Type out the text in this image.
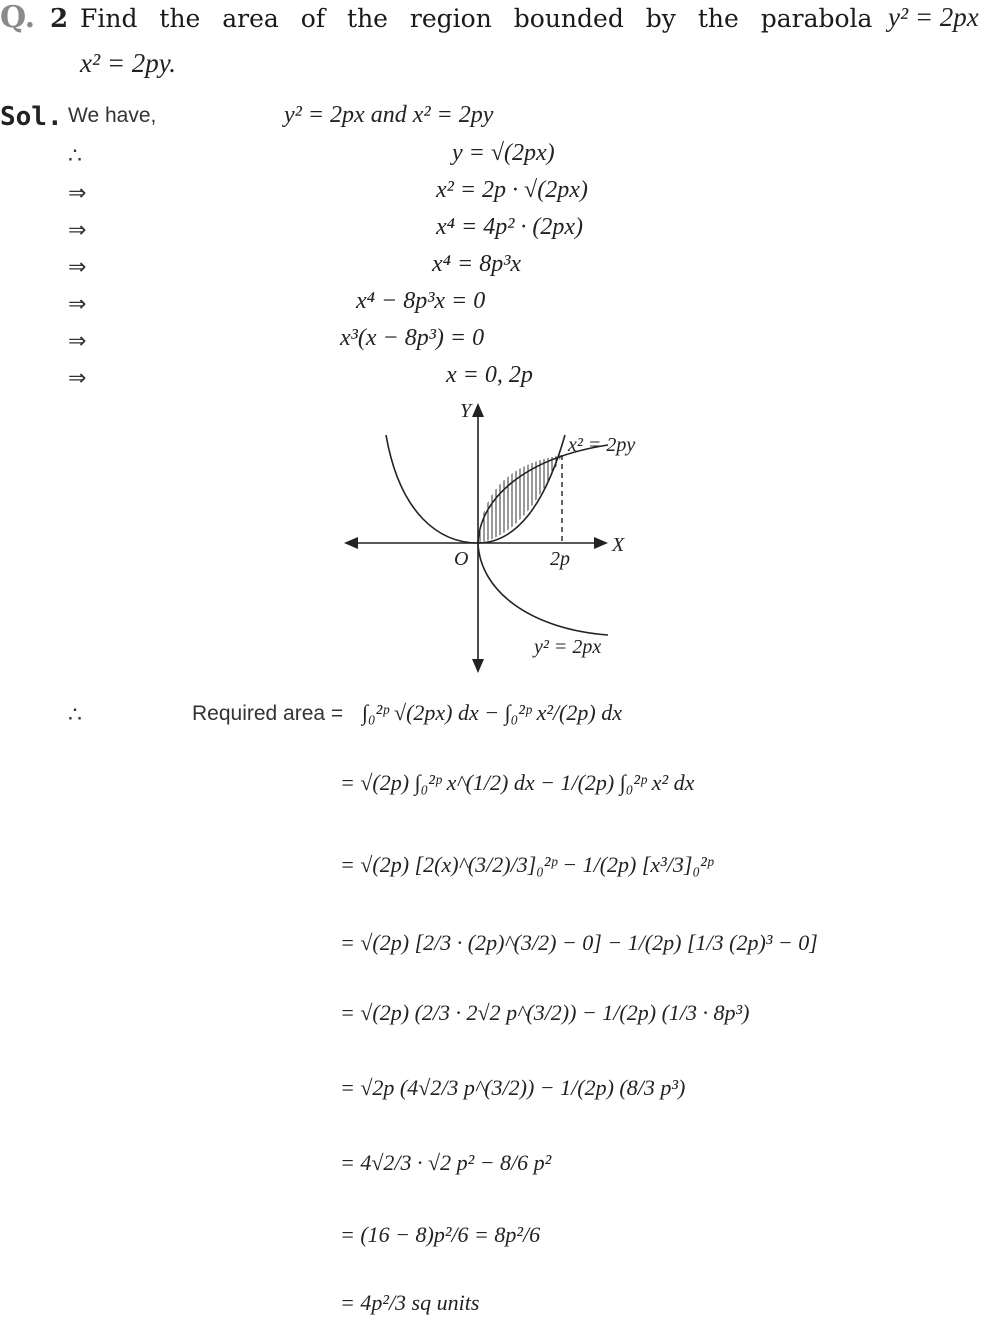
Q. 2 Find the area of the region bounded by the parabola y² = 2px
x² = 2py.
Sol. We have,	y² = 2px and x² = 2py
∴	y = √(2px)
⇒	x² = 2p · √(2px)
⇒	x⁴ = 4p² · (2px)
⇒	x⁴ = 8p³x
⇒	x⁴ − 8p³x = 0
⇒	x³(x − 8p³) = 0
⇒	x = 0, 2p
Y
X
O	2p
x² = 2py
y² = 2px
∴	Required area = ∫₀²ᵖ √(2px) dx − ∫₀²ᵖ x²/(2p) dx
= √(2p) ∫₀²ᵖ x^(1/2) dx − 1/(2p) ∫₀²ᵖ x² dx
= √(2p) [2(x)^(3/2)/3]₀²ᵖ − 1/(2p) [x³/3]₀²ᵖ
= √(2p) [2/3 · (2p)^(3/2) − 0] − 1/(2p) [1/3 (2p)³ − 0]
= √(2p) (2/3 · 2√2 p^(3/2)) − 1/(2p) (1/3 · 8p³)
= √2p (4√2/3 p^(3/2)) − 1/(2p) (8/3 p³)
= 4√2/3 · √2 p² − 8/6 p²
= (16 − 8)p²/6 = 8p²/6
= 4p²/3 sq units
